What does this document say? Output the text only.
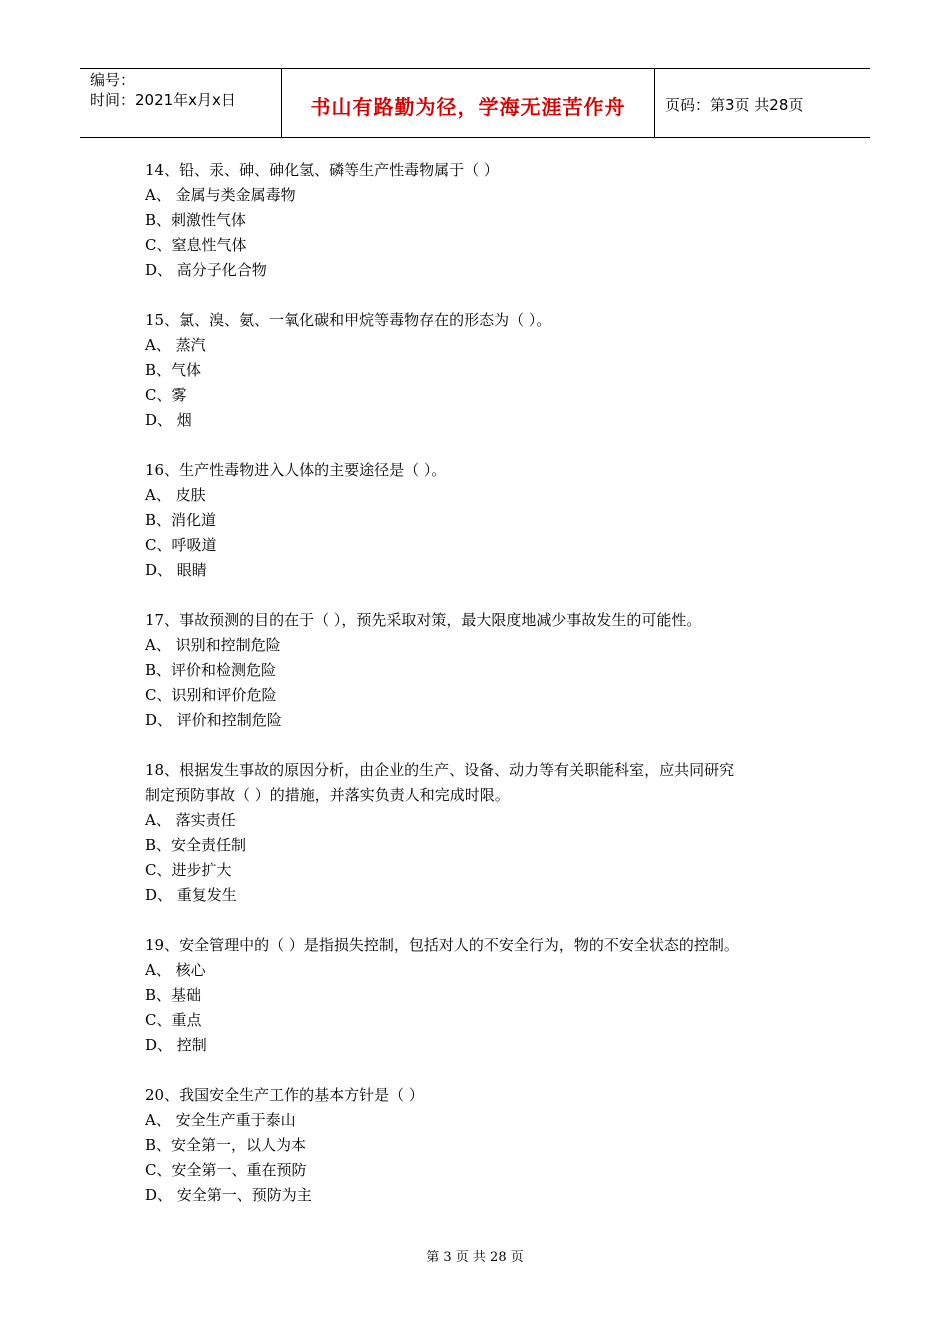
编号：
时间：2021年x月x日	书山有路勤为径，学海无涯苦作舟	页码：第3页 共28页
14、铅、汞、砷、砷化氢、磷等生产性毒物属于（ ）
A、 金属与类金属毒物
B、刺激性气体
C、窒息性气体
D、 高分子化合物
15、氯、溴、氨、一氧化碳和甲烷等毒物存在的形态为（ ）。
A、 蒸汽
B、气体
C、雾
D、 烟
16、生产性毒物进入人体的主要途径是（ ）。
A、 皮肤
B、消化道
C、呼吸道
D、 眼睛
17、事故预测的目的在于（ ），预先采取对策，最大限度地减少事故发生的可能性。
A、 识别和控制危险
B、评价和检测危险
C、识别和评价危险
D、 评价和控制危险
18、根据发生事故的原因分析，由企业的生产、设备、动力等有关职能科室，应共同研究
制定预防事故（ ）的措施，并落实负责人和完成时限。
A、 落实责任
B、安全责任制
C、进步扩大
D、 重复发生
19、安全管理中的（ ）是指损失控制，包括对人的不安全行为，物的不安全状态的控制。
A、 核心
B、基础
C、重点
D、 控制
20、我国安全生产工作的基本方针是（ ）
A、 安全生产重于泰山
B、安全第一，以人为本
C、安全第一、重在预防
D、 安全第一、预防为主
第 3 页 共 28 页
